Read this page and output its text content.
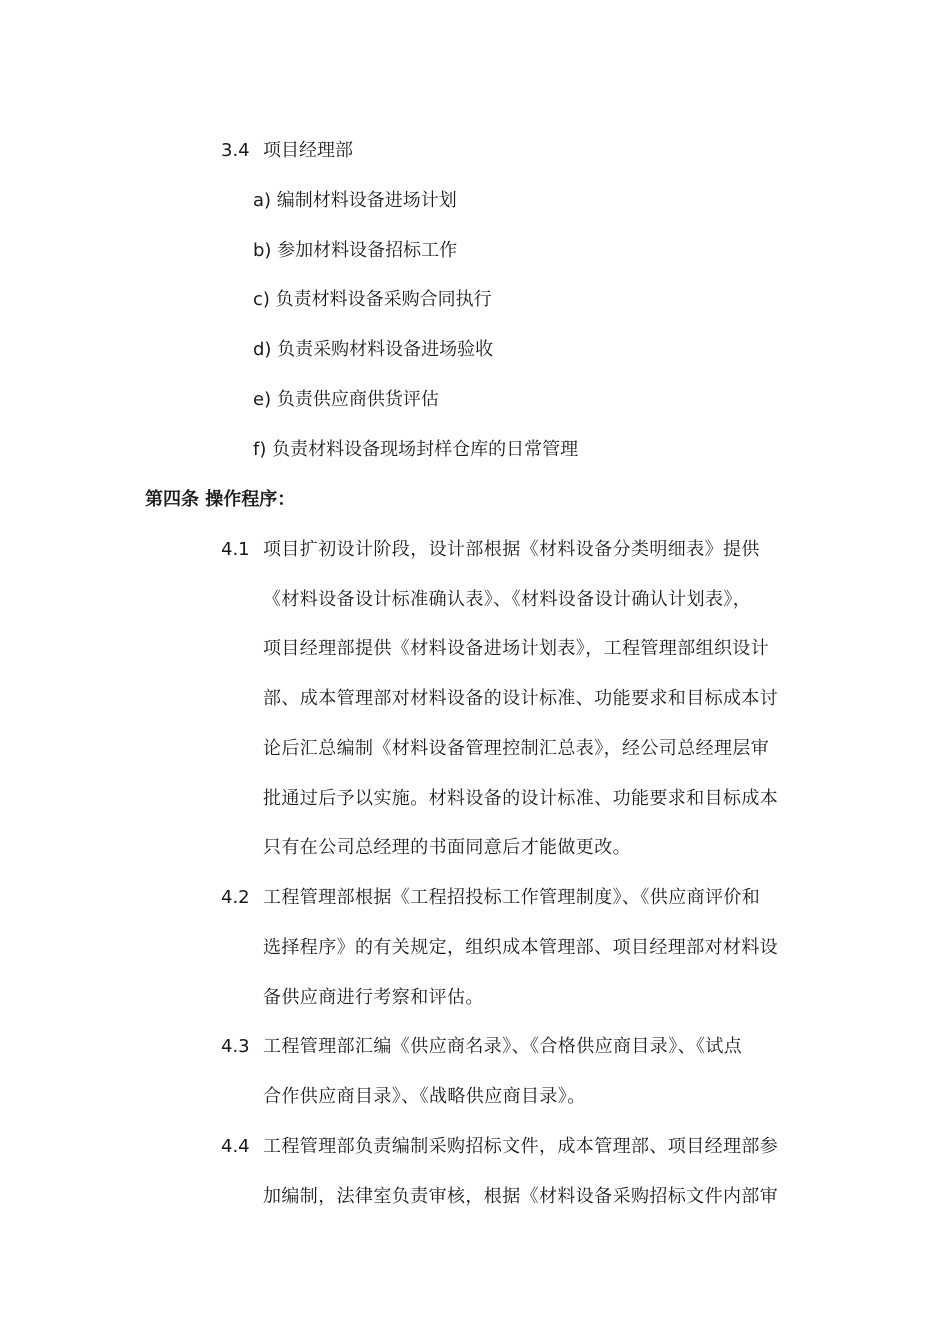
3.4 项目经理部
a) 编制材料设备进场计划
b) 参加材料设备招标工作
c) 负责材料设备采购合同执行
d) 负责采购材料设备进场验收
e) 负责供应商供货评估
f) 负责材料设备现场封样仓库的日常管理
第四条 操作程序：
4.1 项目扩初设计阶段，设计部根据《材料设备分类明细表》提供
《材料设备设计标准确认表》、《材料设备设计确认计划表》，
项目经理部提供《材料设备进场计划表》，工程管理部组织设计
部、成本管理部对材料设备的设计标准、功能要求和目标成本讨
论后汇总编制《材料设备管理控制汇总表》，经公司总经理层审
批通过后予以实施。材料设备的设计标准、功能要求和目标成本
只有在公司总经理的书面同意后才能做更改。
4.2 工程管理部根据《工程招投标工作管理制度》、《供应商评价和
选择程序》的有关规定，组织成本管理部、项目经理部对材料设
备供应商进行考察和评估。
4.3 工程管理部汇编《供应商名录》、《合格供应商目录》、《试点
合作供应商目录》、《战略供应商目录》。
4.4 工程管理部负责编制采购招标文件，成本管理部、项目经理部参
加编制，法律室负责审核，根据《材料设备采购招标文件内部审
